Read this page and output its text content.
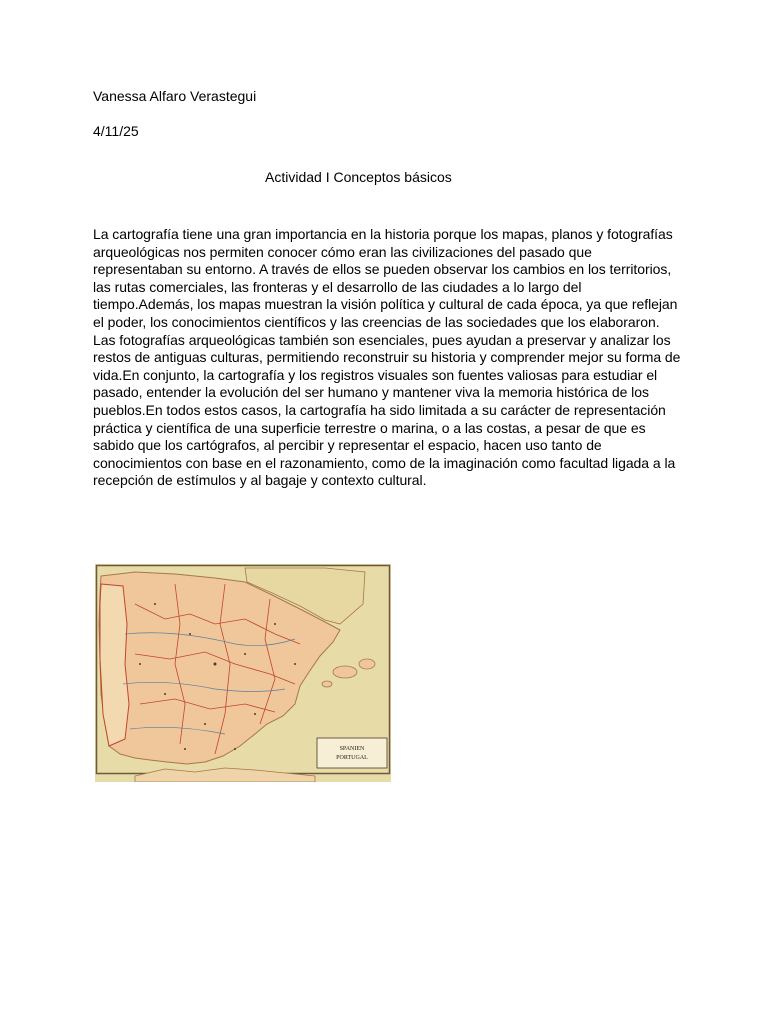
Vanessa Alfaro Verastegui
4/11/25
Actividad I Conceptos básicos

La cartografía tiene una gran importancia en la historia porque los mapas, planos y fotografías arqueológicas nos permiten conocer cómo eran las civilizaciones del pasado que representaban su entorno. A través de ellos se pueden observar los cambios en los territorios, las rutas comerciales, las fronteras y el desarrollo de las ciudades a lo largo del tiempo.Además, los mapas muestran la visión política y cultural de cada época, ya que reflejan el poder, los conocimientos científicos y las creencias de las sociedades que los elaboraron. Las fotografías arqueológicas también son esenciales, pues ayudan a preservar y analizar los restos de antiguas culturas, permitiendo reconstruir su historia y comprender mejor su forma de vida.En conjunto, la cartografía y los registros visuales son fuentes valiosas para estudiar el pasado, entender la evolución del ser humano y mantener viva la memoria histórica de los pueblos.En todos estos casos, la cartografía ha sido limitada a su carácter de representación práctica y científica de una superficie terrestre o marina, o a las costas, a pesar de que es sabido que los cartógrafos, al percibir y representar el espacio, hacen uso tanto de conocimientos con base en el razonamiento, como de la imaginación como facultad ligada a la recepción de estímulos y al bagaje y contexto cultural.

SPANIEN
PORTUGAL
